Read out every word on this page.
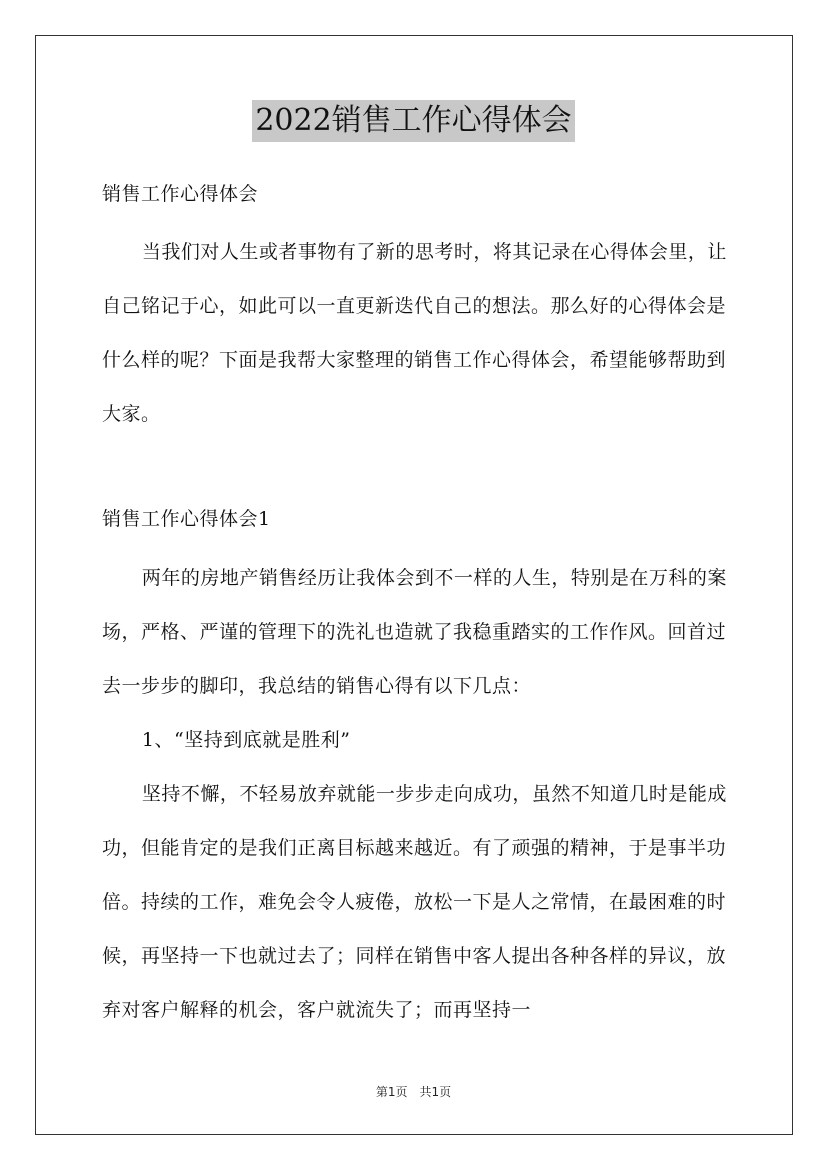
2022销售工作心得体会

销售工作心得体会

当我们对人生或者事物有了新的思考时，将其记录在心得体会里，让自己铭记于心，如此可以一直更新迭代自己的想法。那么好的心得体会是什么样的呢？下面是我帮大家整理的销售工作心得体会，希望能够帮助到大家。

销售工作心得体会1

两年的房地产销售经历让我体会到不一样的人生，特别是在万科的案场，严格、严谨的管理下的洗礼也造就了我稳重踏实的工作作风。回首过去一步步的脚印，我总结的销售心得有以下几点：

1、“坚持到底就是胜利”

坚持不懈，不轻易放弃就能一步步走向成功，虽然不知道几时是能成功，但能肯定的是我们正离目标越来越近。有了顽强的精神，于是事半功倍。持续的工作，难免会令人疲倦，放松一下是人之常情，在最困难的时候，再坚持一下也就过去了；同样在销售中客人提出各种各样的异议，放弃对客户解释的机会，客户就流失了；而再坚持一

第1页　共1页
